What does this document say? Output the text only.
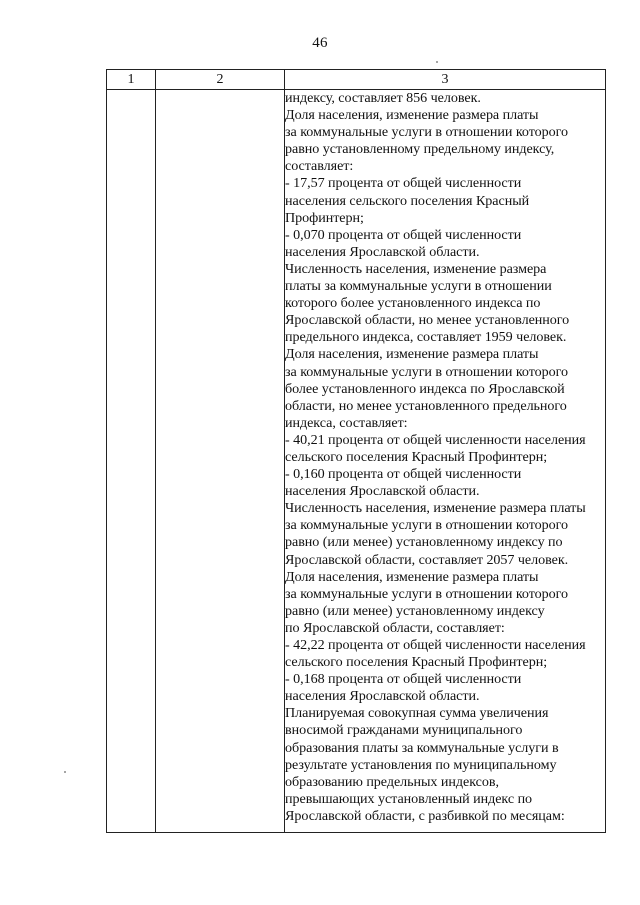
46
1	2	3
индексу, составляет 856 человек.
Доля населения, изменение размера платы
за коммунальные услуги в отношении которого
равно установленному предельному индексу,
составляет:
- 17,57 процента от общей численности
населения сельского поселения Красный
Профинтерн;
- 0,070 процента от общей численности
населения Ярославской области.
Численность населения, изменение размера
платы за коммунальные услуги в отношении
которого более установленного индекса по
Ярославской области, но менее установленного
предельного индекса, составляет 1959 человек.
Доля населения, изменение размера платы
за коммунальные услуги в отношении которого
более установленного индекса по Ярославской
области, но менее установленного предельного
индекса, составляет:
- 40,21 процента от общей численности населения
сельского поселения Красный Профинтерн;
- 0,160 процента от общей численности
населения Ярославской области.
Численность населения, изменение размера платы
за коммунальные услуги в отношении которого
равно (или менее) установленному индексу по
Ярославской области, составляет 2057 человек.
Доля населения, изменение размера платы
за коммунальные услуги в отношении которого
равно (или менее) установленному индексу
по Ярославской области, составляет:
- 42,22 процента от общей численности населения
сельского поселения Красный Профинтерн;
- 0,168 процента от общей численности
населения Ярославской области.
Планируемая совокупная сумма увеличения
вносимой гражданами муниципального
образования платы за коммунальные услуги в
результате установления по муниципальному
образованию предельных индексов,
превышающих установленный индекс по
Ярославской области, с разбивкой по месяцам:
